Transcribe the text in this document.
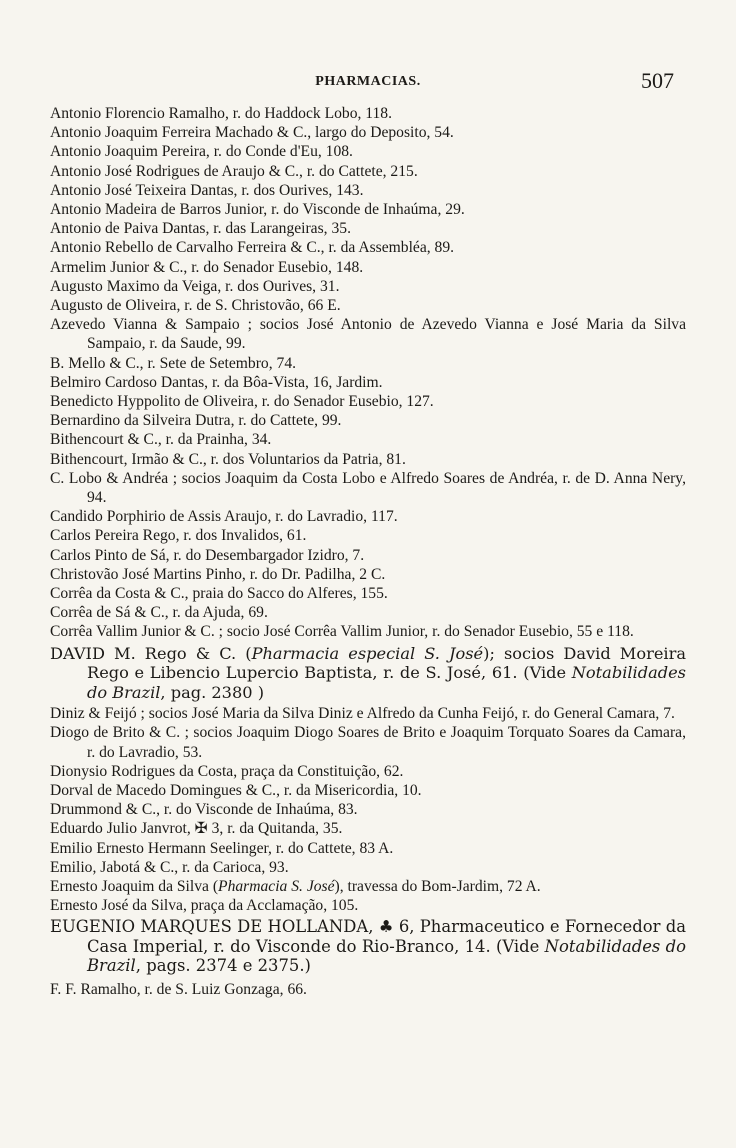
PHARMACIAS.	507
Antonio Florencio Ramalho, r. do Haddock Lobo, 118.
Antonio Joaquim Ferreira Machado & C., largo do Deposito, 54.
Antonio Joaquim Pereira, r. do Conde d'Eu, 108.
Antonio José Rodrigues de Araujo & C., r. do Cattete, 215.
Antonio José Teixeira Dantas, r. dos Ourives, 143.
Antonio Madeira de Barros Junior, r. do Visconde de Inhaúma, 29.
Antonio de Paiva Dantas, r. das Larangeiras, 35.
Antonio Rebello de Carvalho Ferreira & C., r. da Assembléa, 89.
Armelim Junior & C., r. do Senador Eusebio, 148.
Augusto Maximo da Veiga, r. dos Ourives, 31.
Augusto de Oliveira, r. de S. Christovão, 66 E.
Azevedo Vianna & Sampaio ; socios José Antonio de Azevedo Vianna e José Maria da Silva Sampaio, r. da Saude, 99.
B. Mello & C., r. Sete de Setembro, 74.
Belmiro Cardoso Dantas, r. da Bôa-Vista, 16, Jardim.
Benedicto Hyppolito de Oliveira, r. do Senador Eusebio, 127.
Bernardino da Silveira Dutra, r. do Cattete, 99.
Bithencourt & C., r. da Prainha, 34.
Bithencourt, Irmão & C., r. dos Voluntarios da Patria, 81.
C. Lobo & Andréa ; socios Joaquim da Costa Lobo e Alfredo Soares de Andréa, r. de D. Anna Nery, 94.
Candido Porphirio de Assis Araujo, r. do Lavradio, 117.
Carlos Pereira Rego, r. dos Invalidos, 61.
Carlos Pinto de Sá, r. do Desembargador Izidro, 7.
Christovão José Martins Pinho, r. do Dr. Padilha, 2 C.
Corrêa da Costa & C., praia do Sacco do Alferes, 155.
Corrêa de Sá & C., r. da Ajuda, 69.
Corrêa Vallim Junior & C. ; socio José Corrêa Vallim Junior, r. do Senador Eusebio, 55 e 118.
DAVID M. Rego & C. (Pharmacia especial S. José); socios David Moreira Rego e Libencio Lupercio Baptista, r. de S. José, 61. (Vide Notabilidades do Brazil, pag. 2380 )
Diniz & Feijó ; socios José Maria da Silva Diniz e Alfredo da Cunha Feijó, r. do General Camara, 7.
Diogo de Brito & C. ; socios Joaquim Diogo Soares de Brito e Joaquim Torquato Soares da Camara, r. do Lavradio, 53.
Dionysio Rodrigues da Costa, praça da Constituição, 62.
Dorval de Macedo Domingues & C., r. da Misericordia, 10.
Drummond & C., r. do Visconde de Inhaúma, 83.
Eduardo Julio Janvrot, ✠ 3, r. da Quitanda, 35.
Emilio Ernesto Hermann Seelinger, r. do Cattete, 83 A.
Emilio, Jabotá & C., r. da Carioca, 93.
Ernesto Joaquim da Silva (Pharmacia S. José), travessa do Bom-Jardim, 72 A.
Ernesto José da Silva, praça da Acclamação, 105.
EUGENIO MARQUES DE HOLLANDA, ♣ 6, Pharmaceutico e Fornecedor da Casa Imperial, r. do Visconde do Rio-Branco, 14. (Vide Notabilidades do Brazil, pags. 2374 e 2375.)
F. F. Ramalho, r. de S. Luiz Gonzaga, 66.
